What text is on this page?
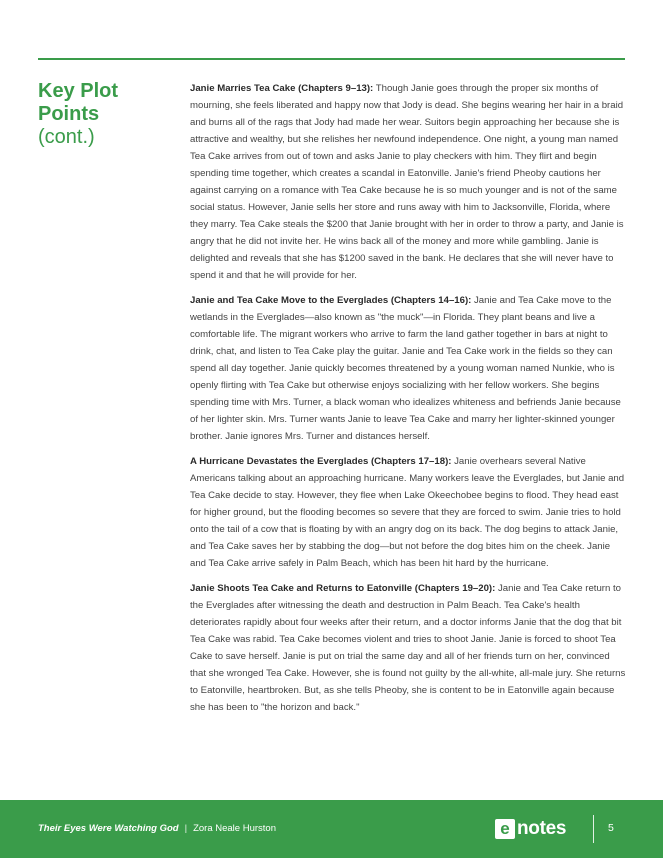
Key Plot
Points
(cont.)

Janie Marries Tea Cake (Chapters 9–13): Though Janie goes through the proper six months of mourning, she feels liberated and happy now that Jody is dead. She begins wearing her hair in a braid and burns all of the rags that Jody had made her wear. Suitors begin approaching her because she is attractive and wealthy, but she relishes her newfound independence. One night, a young man named Tea Cake arrives from out of town and asks Janie to play checkers with him. They flirt and begin spending time together, which creates a scandal in Eatonville. Janie's friend Pheoby cautions her against carrying on a romance with Tea Cake because he is so much younger and is not of the same social status. However, Janie sells her store and runs away with him to Jacksonville, Florida, where they marry. Tea Cake steals the $200 that Janie brought with her in order to throw a party, and Janie is angry that he did not invite her. He wins back all of the money and more while gambling. Janie is delighted and reveals that she has $1200 saved in the bank. He declares that she will never have to spend it and that he will provide for her.

Janie and Tea Cake Move to the Everglades (Chapters 14–16): Janie and Tea Cake move to the wetlands in the Everglades—also known as "the muck"—in Florida. They plant beans and live a comfortable life. The migrant workers who arrive to farm the land gather together in bars at night to drink, chat, and listen to Tea Cake play the guitar. Janie and Tea Cake work in the fields so they can spend all day together. Janie quickly becomes threatened by a young woman named Nunkie, who is openly flirting with Tea Cake but otherwise enjoys socializing with her fellow workers. She begins spending time with Mrs. Turner, a black woman who idealizes whiteness and befriends Janie because of her lighter skin. Mrs. Turner wants Janie to leave Tea Cake and marry her lighter-skinned younger brother. Janie ignores Mrs. Turner and distances herself.

A Hurricane Devastates the Everglades (Chapters 17–18): Janie overhears several Native Americans talking about an approaching hurricane. Many workers leave the Everglades, but Janie and Tea Cake decide to stay. However, they flee when Lake Okeechobee begins to flood. They head east for higher ground, but the flooding becomes so severe that they are forced to swim. Janie tries to hold onto the tail of a cow that is floating by with an angry dog on its back. The dog begins to attack Janie, and Tea Cake saves her by stabbing the dog—but not before the dog bites him on the cheek. Janie and Tea Cake arrive safely in Palm Beach, which has been hit hard by the hurricane.

Janie Shoots Tea Cake and Returns to Eatonville (Chapters 19–20): Janie and Tea Cake return to the Everglades after witnessing the death and destruction in Palm Beach. Tea Cake's health deteriorates rapidly about four weeks after their return, and a doctor informs Janie that the dog that bit Tea Cake was rabid. Tea Cake becomes violent and tries to shoot Janie. Janie is forced to shoot Tea Cake to save herself. Janie is put on trial the same day and all of her friends turn on her, convinced that she wronged Tea Cake. However, she is found not guilty by the all-white, all-male jury. She returns to Eatonville, heartbroken. But, as she tells Pheoby, she is content to be in Eatonville again because she has been to "the horizon and back."

Their Eyes Were Watching God | Zora Neale Hurston	e notes	5
